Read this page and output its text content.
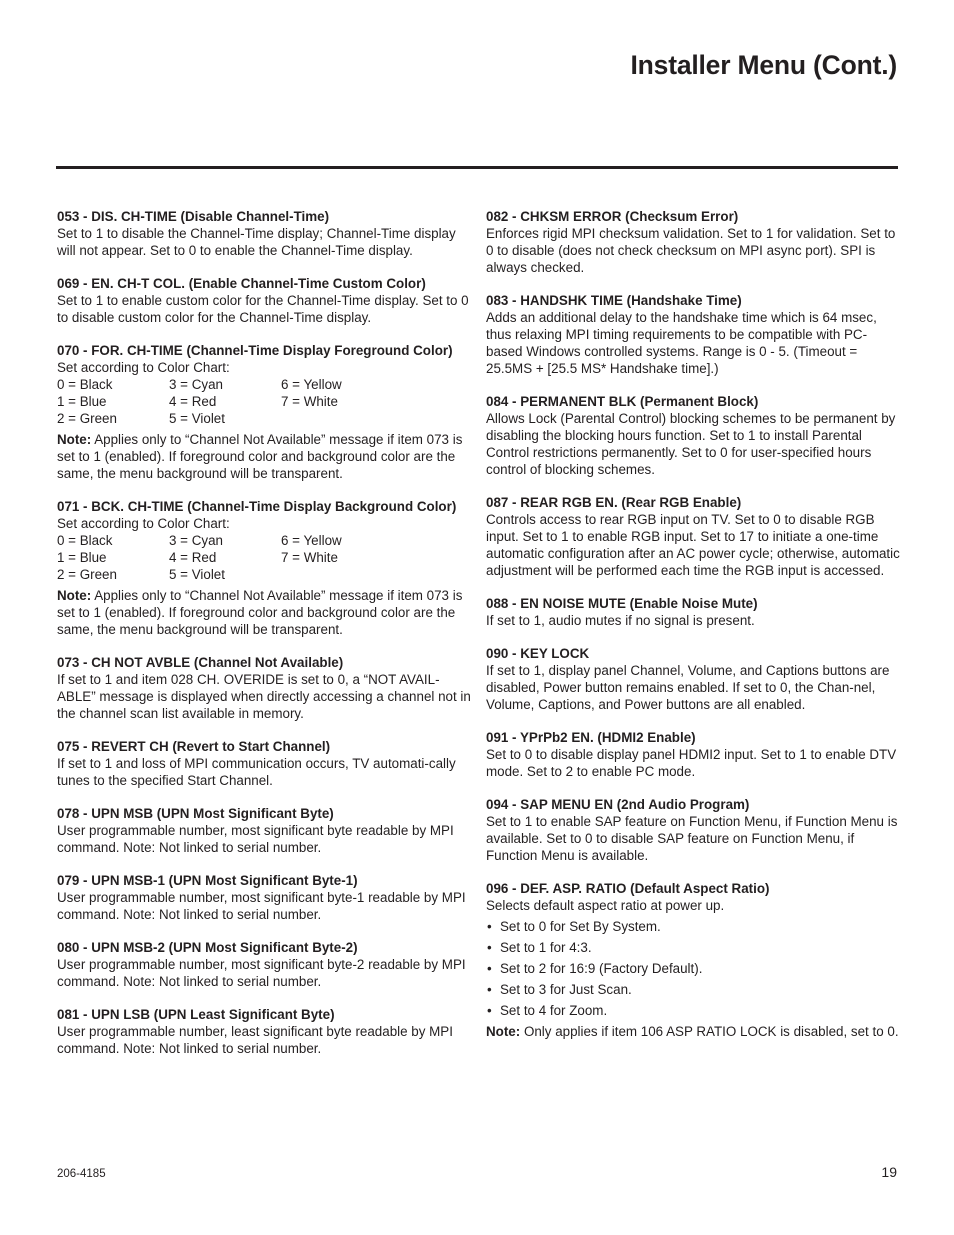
Installer Menu (Cont.)
053 - DIS. CH-TIME (Disable Channel-Time)
Set to 1 to disable the Channel-Time display; Channel-Time display will not appear. Set to 0 to enable the Channel-Time display.
069 - EN. CH-T COL. (Enable Channel-Time Custom Color)
Set to 1 to enable custom color for the Channel-Time display. Set to 0 to disable custom color for the Channel-Time display.
070 - FOR. CH-TIME (Channel-Time Display Foreground Color)
Set according to Color Chart:
0 = Black	3 = Cyan	6 = Yellow
1 = Blue	4 = Red	7 = White
2 = Green	5 = Violet
Note: Applies only to “Channel Not Available” message if item 073 is set to 1 (enabled). If foreground color and background color are the same, the menu background will be transparent.
071 - BCK. CH-TIME (Channel-Time Display Background Color)
Set according to Color Chart:
0 = Black	3 = Cyan	6 = Yellow
1 = Blue	4 = Red	7 = White
2 = Green	5 = Violet
Note: Applies only to “Channel Not Available” message if item 073 is set to 1 (enabled). If foreground color and background color are the same, the menu background will be transparent.
073 - CH NOT AVBLE (Channel Not Available)
If set to 1 and item 028 CH. OVERIDE is set to 0, a “NOT AVAIL-ABLE” message is displayed when directly accessing a channel not in the channel scan list available in memory.
075 - REVERT CH (Revert to Start Channel)
If set to 1 and loss of MPI communication occurs, TV automati-cally tunes to the specified Start Channel.
078 - UPN MSB (UPN Most Significant Byte)
User programmable number, most significant byte readable by MPI command. Note: Not linked to serial number.
079 - UPN MSB-1 (UPN Most Significant Byte-1)
User programmable number, most significant byte-1 readable by MPI command. Note: Not linked to serial number.
080 - UPN MSB-2 (UPN Most Significant Byte-2)
User programmable number, most significant byte-2 readable by MPI command. Note: Not linked to serial number.
081 - UPN LSB (UPN Least Significant Byte)
User programmable number, least significant byte readable by MPI command. Note: Not linked to serial number.
082 - CHKSM ERROR (Checksum Error)
Enforces rigid MPI checksum validation. Set to 1 for validation. Set to 0 to disable (does not check checksum on MPI async port). SPI is always checked.
083 - HANDSHK TIME (Handshake Time)
Adds an additional delay to the handshake time which is 64 msec, thus relaxing MPI timing requirements to be compatible with PC-based Windows controlled systems. Range is 0 - 5. (Timeout = 25.5MS + [25.5 MS* Handshake time].)
084 - PERMANENT BLK (Permanent Block)
Allows Lock (Parental Control) blocking schemes to be permanent by disabling the blocking hours function. Set to 1 to install Parental Control restrictions permanently. Set to 0 for user-specified hours control of blocking schemes.
087 - REAR RGB EN. (Rear RGB Enable)
Controls access to rear RGB input on TV. Set to 0 to disable RGB input. Set to 1 to enable RGB input. Set to 17 to initiate a one-time automatic configuration after an AC power cycle; otherwise, automatic adjustment will be performed each time the RGB input is accessed.
088 - EN NOISE MUTE (Enable Noise Mute)
If set to 1, audio mutes if no signal is present.
090 - KEY LOCK
If set to 1, display panel Channel, Volume, and Captions buttons are disabled, Power button remains enabled. If set to 0, the Chan-nel, Volume, Captions, and Power buttons are all enabled.
091 - YPrPb2 EN. (HDMI2 Enable)
Set to 0 to disable display panel HDMI2 input. Set to 1 to enable DTV mode. Set to 2 to enable PC mode.
094 - SAP MENU EN (2nd Audio Program)
Set to 1 to enable SAP feature on Function Menu, if Function Menu is available. Set to 0 to disable SAP feature on Function Menu, if Function Menu is available.
096 - DEF. ASP. RATIO (Default Aspect Ratio)
Selects default aspect ratio at power up.
• Set to 0 for Set By System.
• Set to 1 for 4:3.
• Set to 2 for 16:9 (Factory Default).
• Set to 3 for Just Scan.
• Set to 4 for Zoom.
Note: Only applies if item 106 ASP RATIO LOCK is disabled, set to 0.
206-4185	19
